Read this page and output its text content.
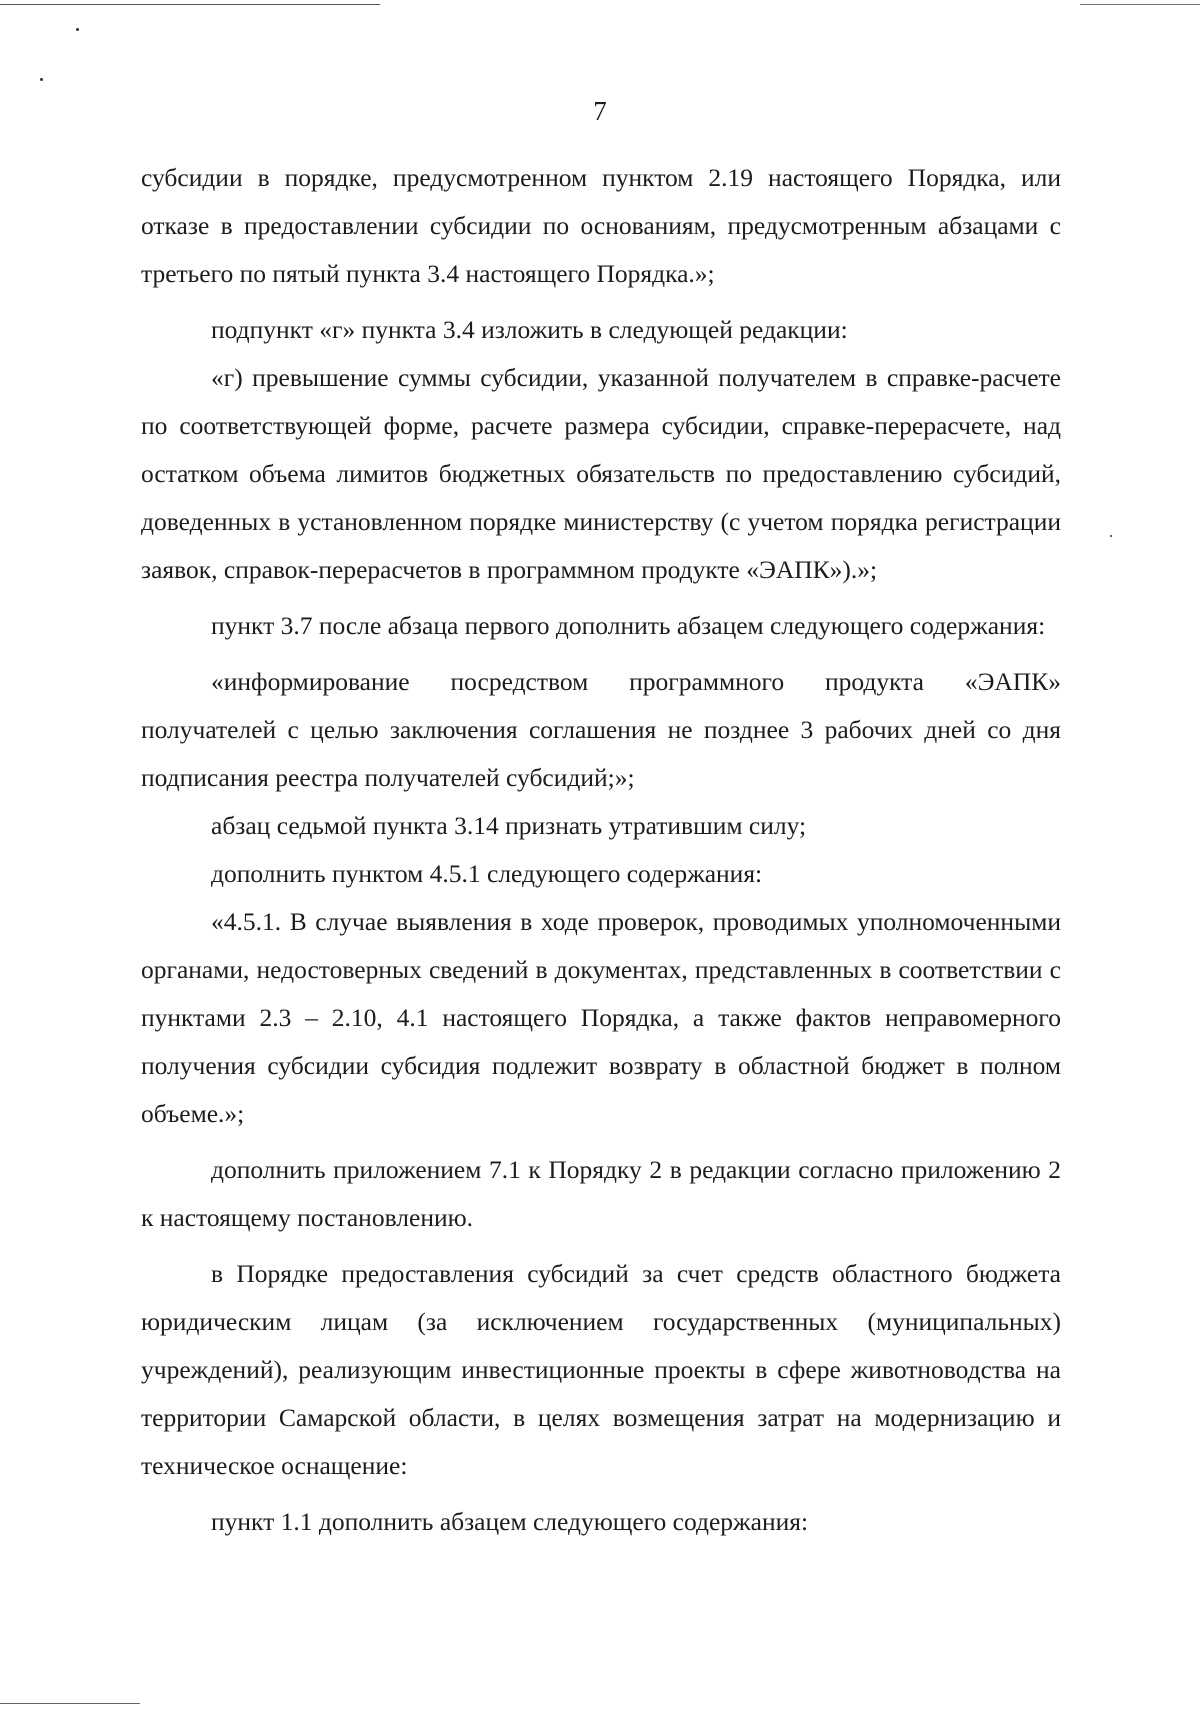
7

субсидии в порядке, предусмотренном пунктом 2.19 настоящего Порядка, или отказе в предоставлении субсидии по основаниям, предусмотренным абзацами с третьего по пятый пункта 3.4 настоящего Порядка.»;

подпункт «г» пункта 3.4 изложить в следующей редакции:

«г) превышение суммы субсидии, указанной получателем в справке-расчете по соответствующей форме, расчете размера субсидии, справке-перерасчете, над остатком объема лимитов бюджетных обязательств по предоставлению субсидий, доведенных в установленном порядке министерству (с учетом порядка регистрации заявок, справок-перерасчетов в программном продукте «ЭАПК»).»;

пункт 3.7 после абзаца первого дополнить абзацем следующего содержания:

«информирование посредством программного продукта «ЭАПК» получателей с целью заключения соглашения не позднее 3 рабочих дней со дня подписания реестра получателей субсидий;»;

абзац седьмой пункта 3.14 признать утратившим силу;

дополнить пунктом 4.5.1 следующего содержания:

«4.5.1. В случае выявления в ходе проверок, проводимых уполномоченными органами, недостоверных сведений в документах, представленных в соответствии с пунктами 2.3 – 2.10, 4.1 настоящего Порядка, а также фактов неправомерного получения субсидии субсидия подлежит возврату в областной бюджет в полном объеме.»;

дополнить приложением 7.1 к Порядку 2 в редакции согласно приложению 2 к настоящему постановлению.

в Порядке предоставления субсидий за счет средств областного бюджета юридическим лицам (за исключением государственных (муниципальных) учреждений), реализующим инвестиционные проекты в сфере животноводства на территории Самарской области, в целях возмещения затрат на модернизацию и техническое оснащение:

пункт 1.1 дополнить абзацем следующего содержания:
